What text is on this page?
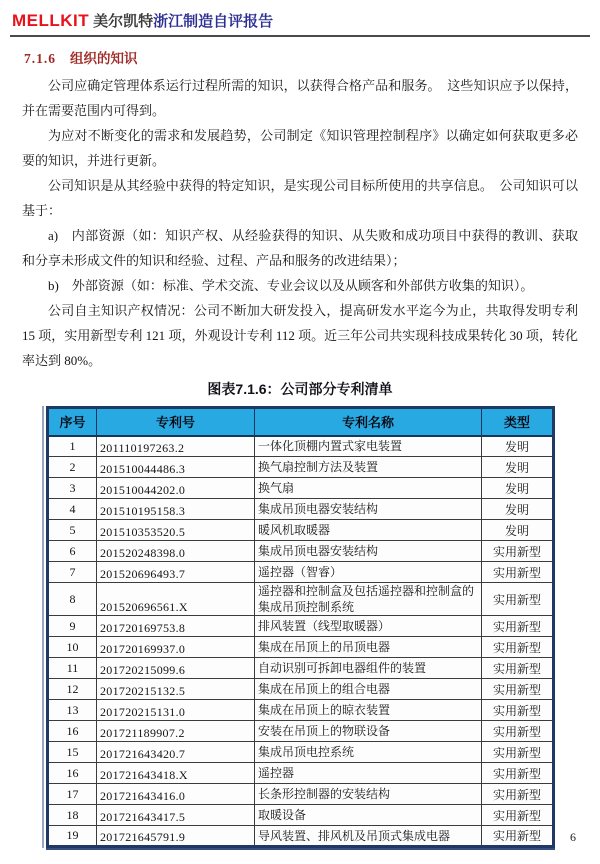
MELLKIT 美尔凯特浙江制造自评报告
7.1.6 组织的知识

公司应确定管理体系运行过程所需的知识，以获得合格产品和服务。　这些知识应予以保持，并在需要范围内可得到。

为应对不断变化的需求和发展趋势，公司制定《知识管理控制程序》以确定如何获取更多必要的知识，并进行更新。

公司知识是从其经验中获得的特定知识，是实现公司目标所使用的共享信息。　公司知识可以基于：

a)　内部资源（如：知识产权、从经验获得的知识、从失败和成功项目中获得的教训、获取和分享未形成文件的知识和经验、过程、产品和服务的改进结果）；

b)　外部资源（如：标准、学术交流、专业会议以及从顾客和外部供方收集的知识）。

公司自主知识产权情况：公司不断加大研发投入，提高研发水平迄今为止，共取得发明专利 15 项，实用新型专利 121 项，外观设计专利 112 项。近三年公司共实现科技成果转化 30 项，转化率达到 80%。

图表7.1.6：公司部分专利清单
序号	专利号	专利名称	类型
1	201110197263.2	一体化顶棚内置式家电装置	发明
2	201510044486.3	换气扇控制方法及装置	发明
3	201510044202.0	换气扇	发明
4	201510195158.3	集成吊顶电器安装结构	发明
5	201510353520.5	暖风机取暖器	发明
6	201520248398.0	集成吊顶电器安装结构	实用新型
7	201520696493.7	遥控器（智睿）	实用新型
8	201520696561.X	遥控器和控制盒及包括遥控器和控制盒的集成吊顶控制系统	实用新型
9	201720169753.8	排风装置（线型取暖器）	实用新型
10	201720169937.0	集成在吊顶上的吊顶电器	实用新型
11	201720215099.6	自动识别可拆卸电器组件的装置	实用新型
12	201720215132.5	集成在吊顶上的组合电器	实用新型
13	201720215131.0	集成在吊顶上的晾衣装置	实用新型
16	201721189907.2	安装在吊顶上的物联设备	实用新型
15	201721643420.7	集成吊顶电控系统	实用新型
16	201721643418.X	遥控器	实用新型
17	201721643416.0	长条形控制器的安装结构	实用新型
18	201721643417.5	取暖设备	实用新型
19	201721645791.9	导风装置、排风机及吊顶式集成电器	实用新型 6
